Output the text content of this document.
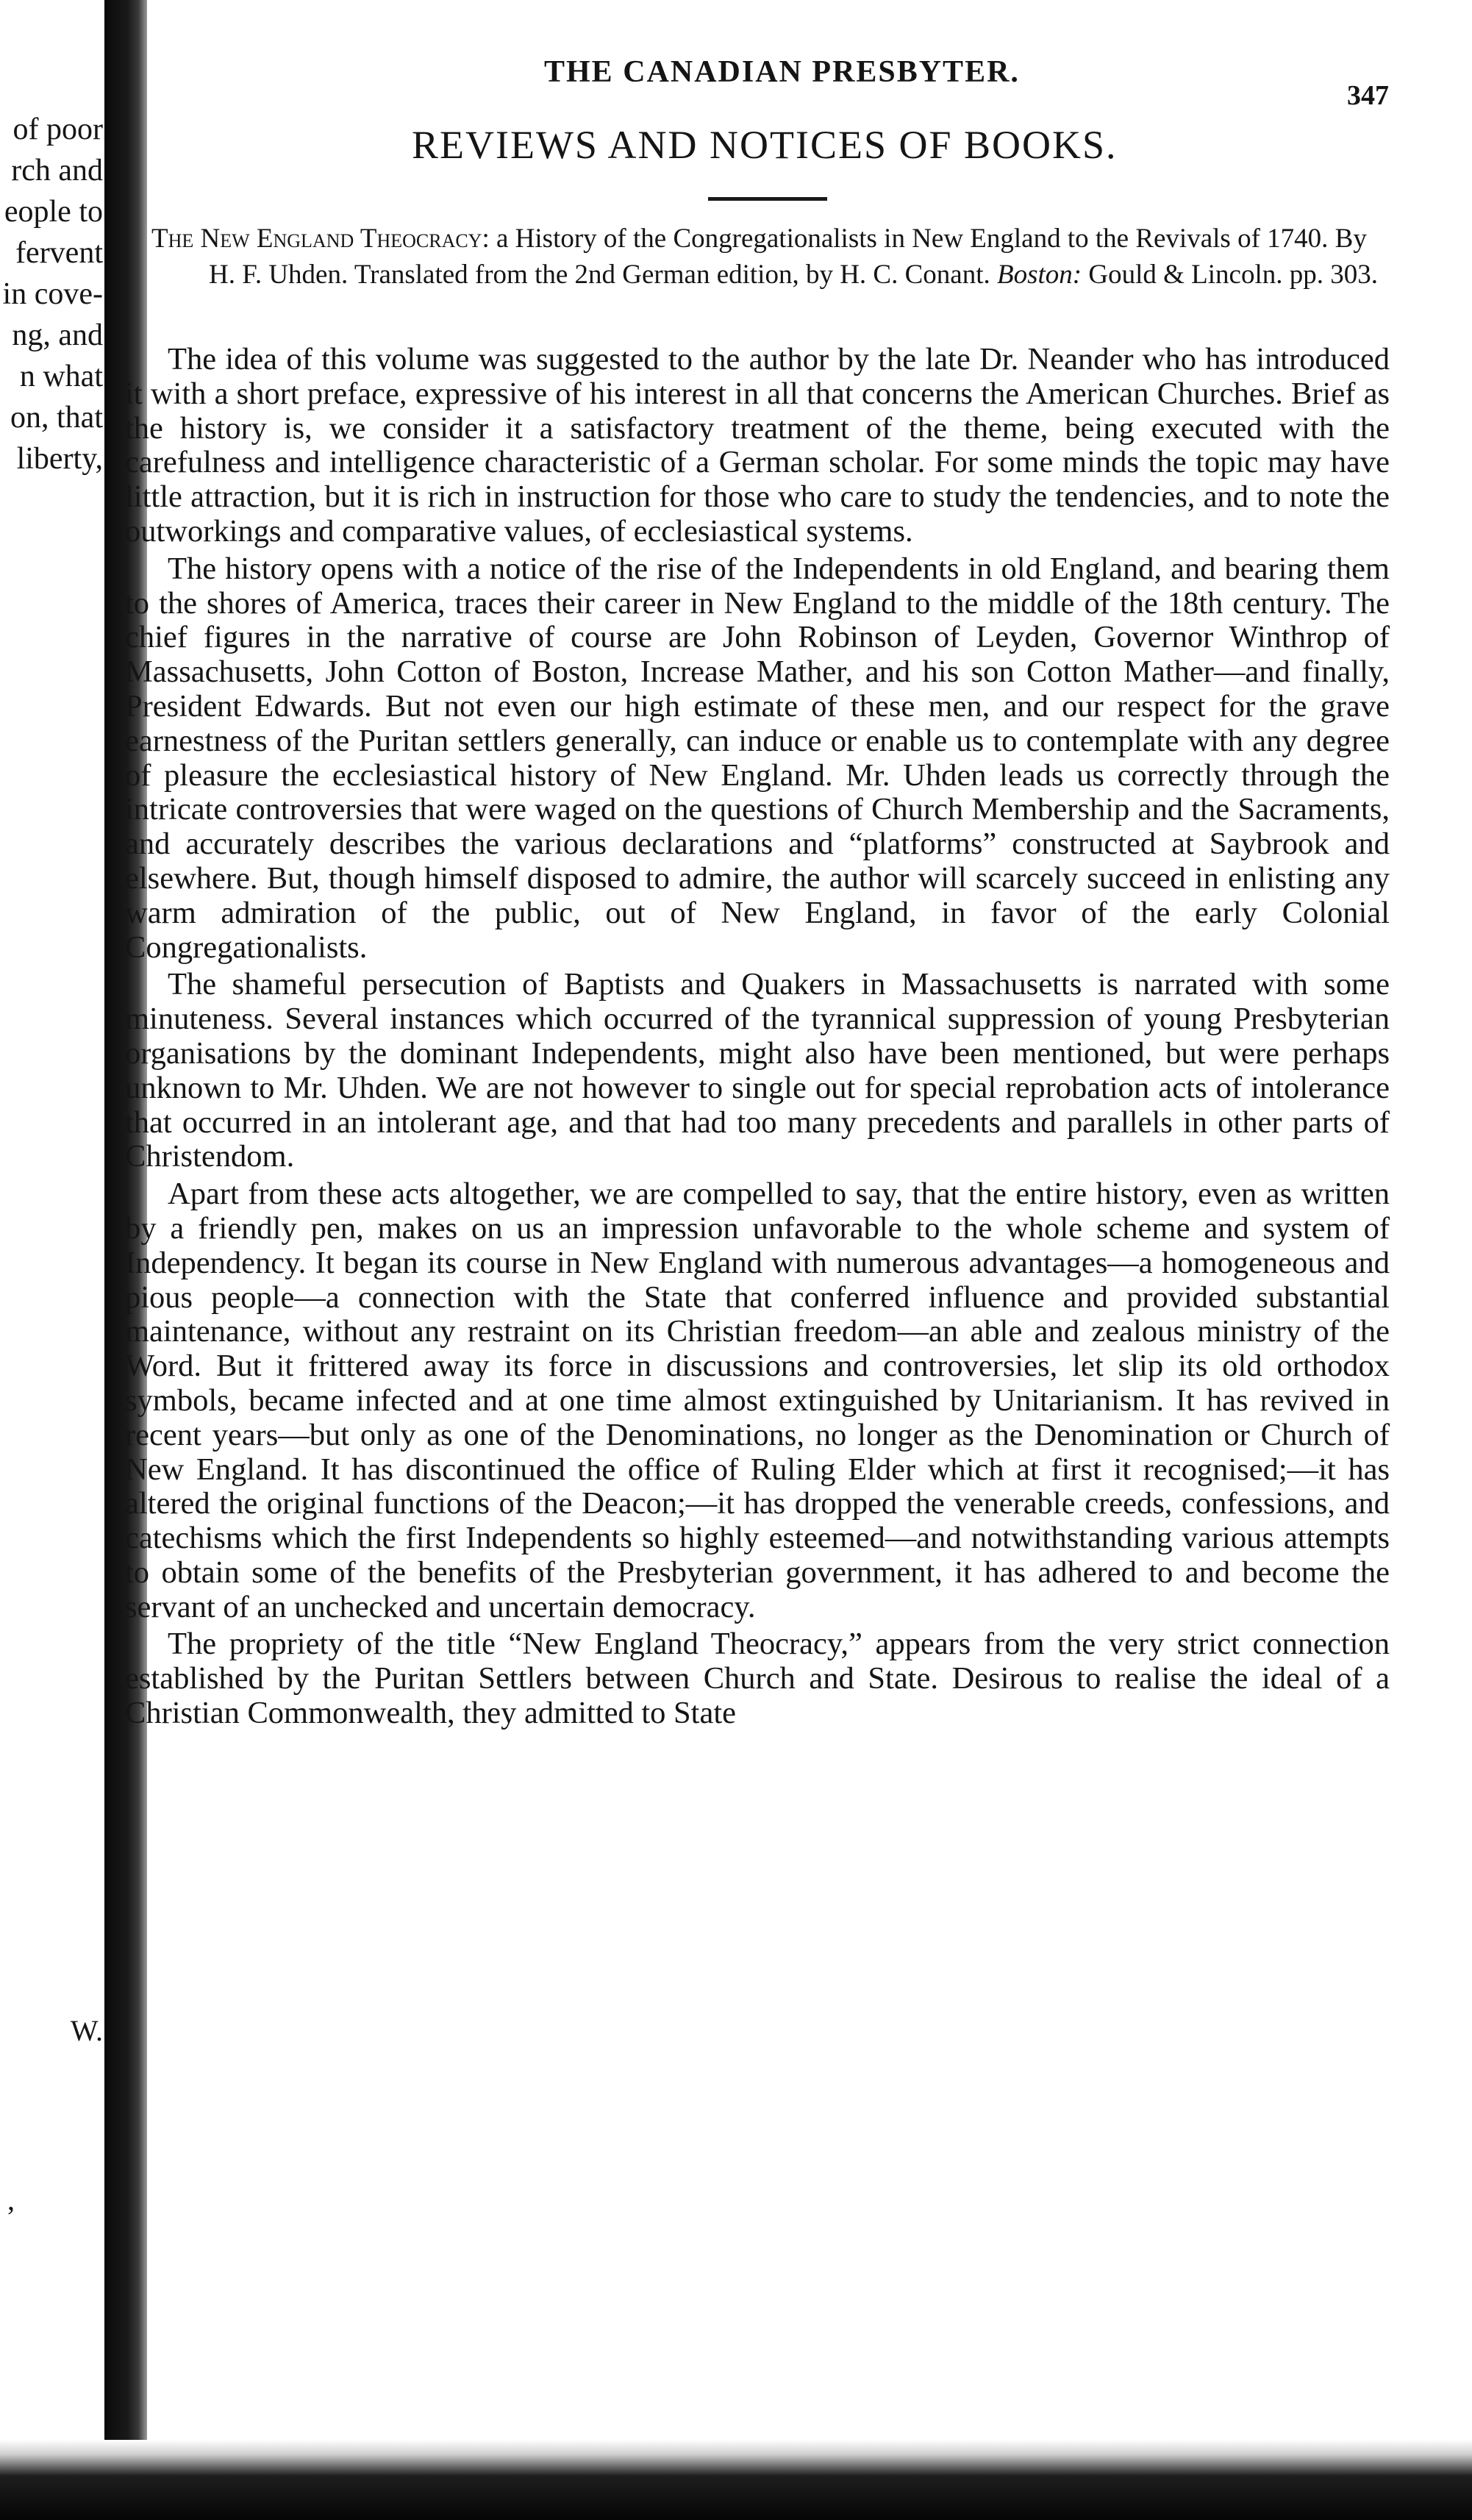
of poor
rch and
eople to
fervent
in cove-
ng, and
n what
on, that
liberty,
W.
,
THE CANADIAN PRESBYTER.
347
REVIEWS AND NOTICES OF BOOKS.
The New England Theocracy: a History of the Congregationalists in New England to the Revivals of 1740. By H. F. Uhden. Translated from the 2nd German edition, by H. C. Conant. Boston: Gould & Lincoln. pp. 303.

The idea of this volume was suggested to the author by the late Dr. Neander who has introduced it with a short preface, expressive of his interest in all that concerns the American Churches. Brief as the history is, we consider it a satisfactory treatment of the theme, being executed with the carefulness and intelligence characteristic of a German scholar. For some minds the topic may have little attraction, but it is rich in instruction for those who care to study the tendencies, and to note the outworkings and comparative values, of ecclesiastical systems.

The history opens with a notice of the rise of the Independents in old England, and bearing them to the shores of America, traces their career in New England to the middle of the 18th century. The chief figures in the narrative of course are John Robinson of Leyden, Governor Winthrop of Massachusetts, John Cotton of Boston, Increase Mather, and his son Cotton Mather—and finally, President Edwards. But not even our high estimate of these men, and our respect for the grave earnestness of the Puritan settlers generally, can induce or enable us to contemplate with any degree of pleasure the ecclesiastical history of New England. Mr. Uhden leads us correctly through the intricate controversies that were waged on the questions of Church Membership and the Sacraments, and accurately describes the various declarations and “platforms” constructed at Saybrook and elsewhere. But, though himself disposed to admire, the author will scarcely succeed in enlisting any warm admiration of the public, out of New England, in favor of the early Colonial Congregationalists.

The shameful persecution of Baptists and Quakers in Massachusetts is narrated with some minuteness. Several instances which occurred of the tyrannical suppression of young Presbyterian organisations by the dominant Independents, might also have been mentioned, but were perhaps unknown to Mr. Uhden. We are not however to single out for special reprobation acts of intolerance that occurred in an intolerant age, and that had too many precedents and parallels in other parts of Christendom.

Apart from these acts altogether, we are compelled to say, that the entire history, even as written by a friendly pen, makes on us an impression unfavorable to the whole scheme and system of Independency. It began its course in New England with numerous advantages—a homogeneous and pious people—a connection with the State that conferred influence and provided substantial maintenance, without any restraint on its Christian freedom—an able and zealous ministry of the Word. But it frittered away its force in discussions and controversies, let slip its old orthodox symbols, became infected and at one time almost extinguished by Unitarianism. It has revived in recent years—but only as one of the Denominations, no longer as the Denomination or Church of New England. It has discontinued the office of Ruling Elder which at first it recognised;—it has altered the original functions of the Deacon;—it has dropped the venerable creeds, confessions, and catechisms which the first Independents so highly esteemed—and notwithstanding various attempts to obtain some of the benefits of the Presbyterian government, it has adhered to and become the servant of an unchecked and uncertain democracy.

The propriety of the title “New England Theocracy,” appears from the very strict connection established by the Puritan Settlers between Church and State. Desirous to realise the ideal of a Christian Commonwealth, they admitted to State
